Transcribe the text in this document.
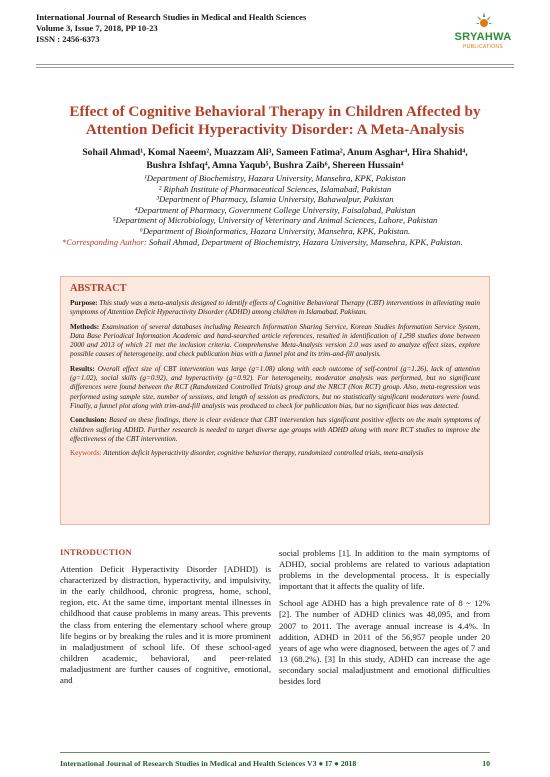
International Journal of Research Studies in Medical and Health Sciences
Volume 3, Issue 7, 2018, PP 10-23
ISSN : 2456-6373	SRYAHWA
PUBLICATIONS
Effect of Cognitive Behavioral Therapy in Children Affected by Attention Deficit Hyperactivity Disorder: A Meta-Analysis
Sohail Ahmad¹, Komal Naeem², Muazzam Ali³, Sameen Fatima², Anum Asghar⁴, Hira Shahid⁴,
Bushra Ishfaq⁴, Amna Yaqub⁵, Bushra Zaib⁶, Shereen Hussain⁴
¹Department of Biochemistry, Hazara University, Mansehra, KPK, Pakistan
² Riphah Institute of Pharmaceutical Sciences, Islamabad, Pakistan
³Department of Pharmacy, Islamia University, Bahawalpur, Pakistan
⁴Department of Pharmacy, Government College University, Faisalabad, Pakistan
⁵Department of Microbiology, University of Veterinary and Animal Sciences, Lahore, Pakistan
⁶Department of Bioinformatics, Hazara University, Mansehra, KPK, Pakistan.
*Corresponding Author: Sohail Ahmad, Department of Biochemistry, Hazara University, Mansehra, KPK, Pakistan.
ABSTRACT

Purpose: This study was a meta-analysis designed to identify effects of Cognitive Behavioral Therapy (CBT) interventions in alleviating main symptoms of Attention Deficit Hyperactivity Disorder (ADHD) among children in Islamabad, Pakistan.

Methods: Examination of several databases including Research Information Sharing Service, Korean Studies Information Service System, Data Base Periodical Information Academic and hand-searched article references, resulted in identification of 1,298 studies done between 2000 and 2013 of which 21 met the inclusion criteria. Comprehensive Meta-Analysis version 2.0 was used to analyze effect sizes, explore possible causes of heterogeneity, and check publication bias with a funnel plot and its trim-and-fill analysis.

Results: Overall effect size of CBT intervention was large (g=1.08) along with each outcome of self-control (g=1.26), lack of attention (g=1.02), social skills (g=0.92), and hyperactivity (g=0.92). For heterogeneity, moderator analysis was performed, but no significant differences were found between the RCT (Randomized Controlled Trials) group and the NRCT (Non RCT) group. Also, meta-regression was performed using sample size, number of sessions, and length of session as predictors, but no statistically significant moderators were found. Finally, a funnel plot along with trim-and-fill analysis was produced to check for publication bias, but no significant bias was detected.

Conclusion: Based on these findings, there is clear evidence that CBT intervention has significant positive effects on the main symptoms of children suffering ADHD. Further research is needed to target diverse age groups with ADHD along with more RCT studies to improve the effectiveness of the CBT intervention.

Keywords: Attention deficit hyperactivity disorder, cognitive behavior therapy, randomized controlled trials, meta-analysis

INTRODUCTION

Attention Deficit Hyperactivity Disorder [ADHD]) is characterized by distraction, hyperactivity, and impulsivity, in the early childhood, chronic progress, home, school, region, etc. At the same time, important mental illnesses in childhood that cause problems in many areas. This prevents the class from entering the elementary school where group life begins or by breaking the rules and it is more prominent in maladjustment of school life. Of these school-aged children academic, behavioral, and peer-related maladjustment are further causes of cognitive, emotional, and

social problems [1]. In addition to the main symptoms of ADHD, social problems are related to various adaptation problems in the developmental process. It is especially important that it affects the quality of life.

School age ADHD has a high prevalence rate of 8 ~ 12% [2]. The number of ADHD clinics was 48,095, and from 2007 to 2011. The average annual increase is 4.4%. In addition, ADHD in 2011 of the 56,957 people under 20 years of age who were diagnosed, between the ages of 7 and 13 (68.2%). [3] In this study, ADHD can increase the age secondary social maladjustment and emotional difficulties besides lord

International Journal of Research Studies in Medical and Health Sciences V3 ● I7 ● 2018	10
